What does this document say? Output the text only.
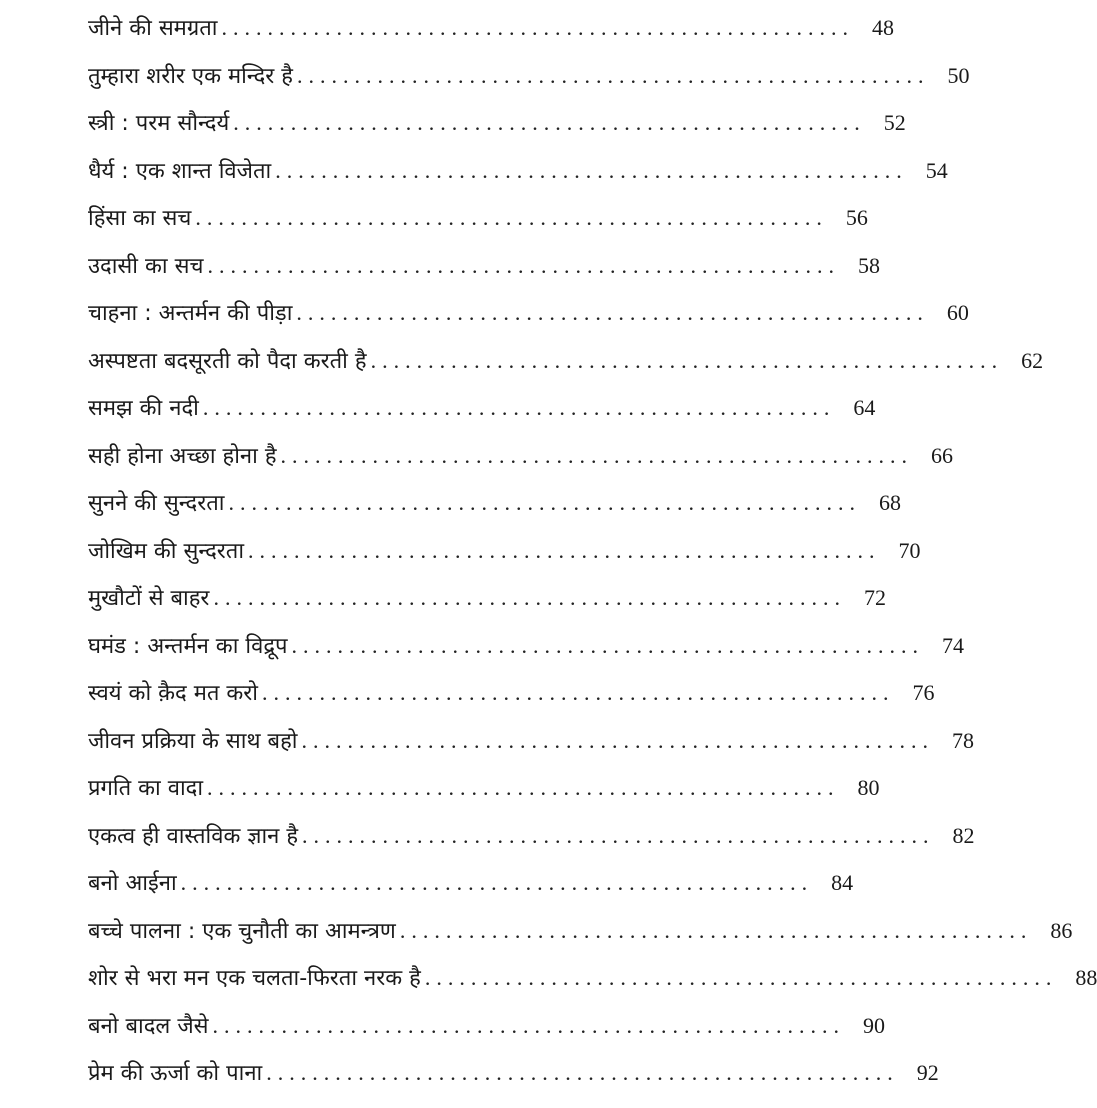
जीने की समग्रता ....................................................... 48
तुम्हारा शरीर एक मन्दिर है ....................................................... 50
स्त्री : परम सौन्दर्य ....................................................... 52
धैर्य : एक शान्त विजेता ....................................................... 54
हिंसा का सच ....................................................... 56
उदासी का सच ....................................................... 58
चाहना : अन्तर्मन की पीड़ा ....................................................... 60
अस्पष्टता बदसूरती को पैदा करती है ....................................................... 62
समझ की नदी ....................................................... 64
सही होना अच्छा होना है ....................................................... 66
सुनने की सुन्दरता ....................................................... 68
जोखिम की सुन्दरता ....................................................... 70
मुखौटों से बाहर ....................................................... 72
घमंड : अन्तर्मन का विद्रूप ....................................................... 74
स्वयं को क़ैद मत करो ....................................................... 76
जीवन प्रक्रिया के साथ बहो ....................................................... 78
प्रगति का वादा ....................................................... 80
एकत्व ही वास्तविक ज्ञान है ....................................................... 82
बनो आईना ....................................................... 84
बच्चे पालना : एक चुनौती का आमन्त्रण ....................................................... 86
शोर से भरा मन एक चलता-फिरता नरक है ....................................................... 88
बनो बादल जैसे ....................................................... 90
प्रेम की ऊर्जा को पाना ....................................................... 92
